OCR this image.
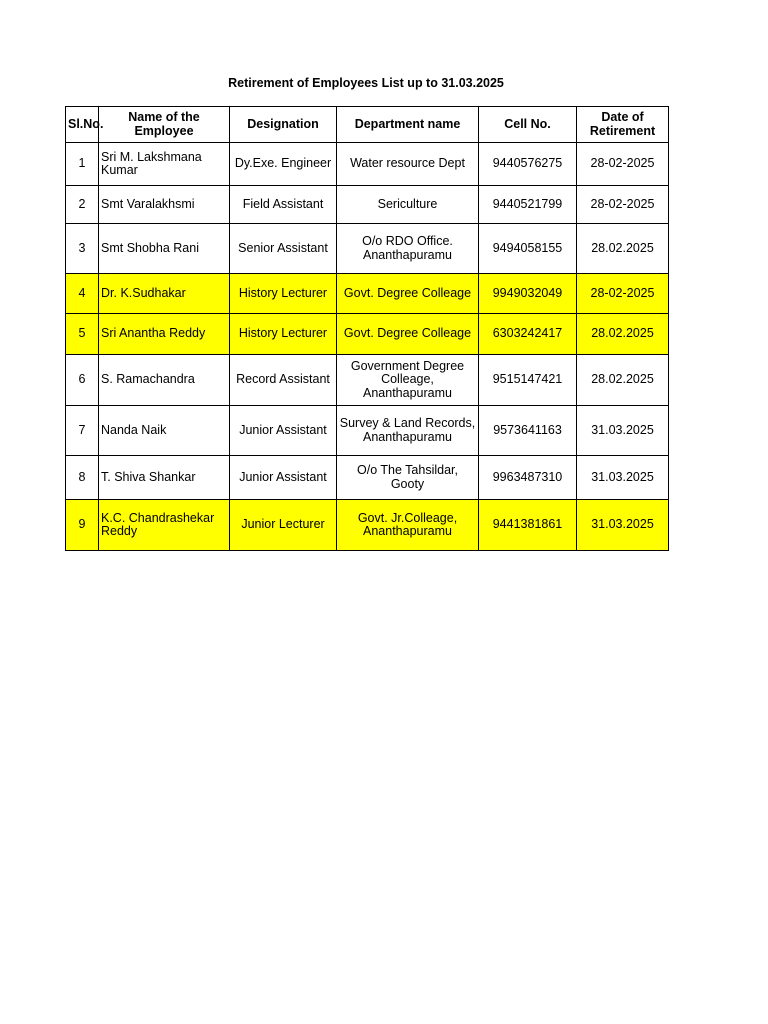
Retirement of Employees List up to 31.03.2025
Sl.No.	Name of the Employee	Designation	Department name	Cell No.	Date of Retirement
1	Sri M. Lakshmana Kumar	Dy.Exe. Engineer	Water resource Dept	9440576275	28-02-2025
2	Smt Varalakhsmi	Field Assistant	Sericulture	9440521799	28-02-2025
3	Smt Shobha Rani	Senior Assistant	O/o RDO Office. Ananthapuramu	9494058155	28.02.2025
4	Dr. K.Sudhakar	History Lecturer	Govt. Degree Colleage	9949032049	28-02-2025
5	Sri Anantha Reddy	History Lecturer	Govt. Degree Colleage	6303242417	28.02.2025
6	S. Ramachandra	Record Assistant	Government Degree Colleage, Ananthapuramu	9515147421	28.02.2025
7	Nanda Naik	Junior Assistant	Survey & Land Records, Ananthapuramu	9573641163	31.03.2025
8	T. Shiva Shankar	Junior Assistant	O/o The Tahsildar, Gooty	9963487310	31.03.2025
9	K.C. Chandrashekar Reddy	Junior Lecturer	Govt. Jr.Colleage, Ananthapuramu	9441381861	31.03.2025
